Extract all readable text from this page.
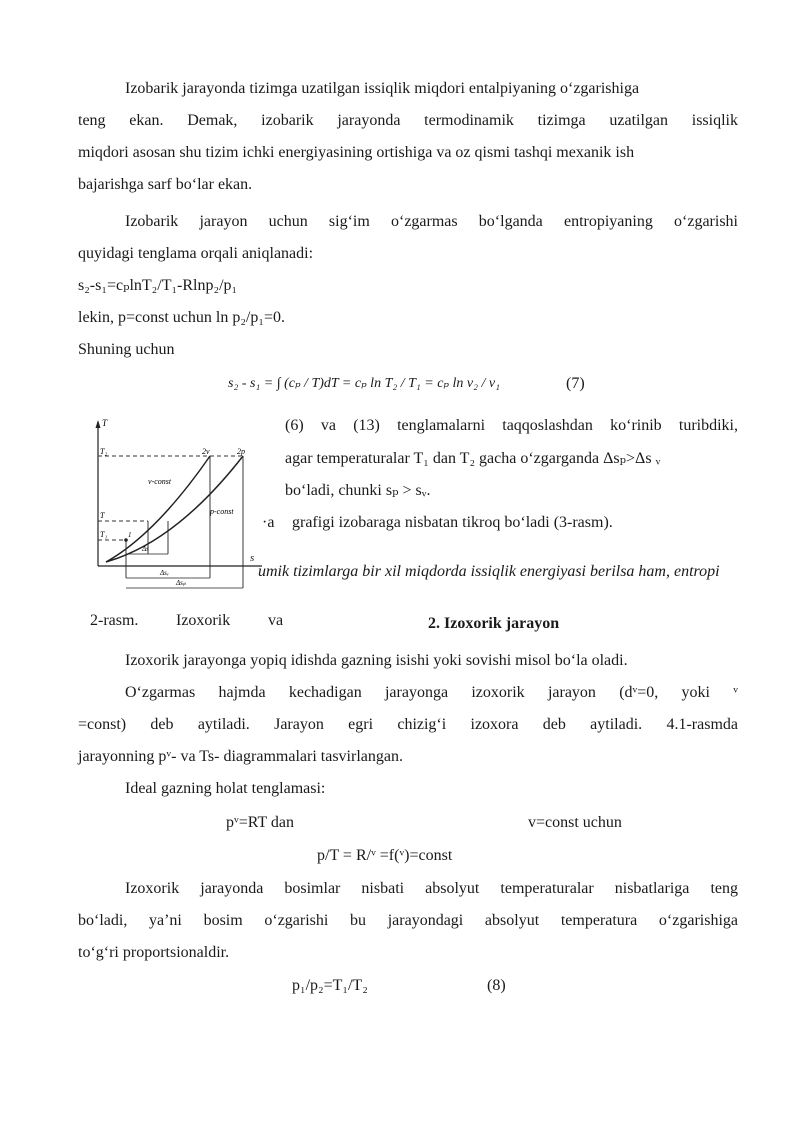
Izobarik jarayonda tizimga uzatilgan issiqlik miqdori entalpiyaning o‘zgarishiga
teng ekan. Demak, izobarik jarayonda termodinamik tizimga uzatilgan issiqlik
miqdori asosan shu tizim ichki energiyasining ortishiga va oz qismi tashqi mexanik ish
bajarishga sarf bo‘lar ekan.
Izobarik jarayon uchun sig‘im o‘zgarmas bo‘lganda entropiyaning o‘zgarishi
quyidagi tenglama orqali aniqlanadi:
s₂-s₁=cₚlnT₂/T₁-Rlnp₂/p₁
lekin, p=const uchun ln p₂/p₁=0.
Shuning uchun
s₂ - s₁ = ∫ (cₚ / T)dT = cₚ ln T₂ / T₁ = cₚ ln v₂ / v₁	(7)
T
T₂
T
T₁
2v	2p
v-const
p-const
1
Δs
Δsᵥ
Δsₚ
s
(6) va (13) tenglamalarni taqqoslashdan ko‘rinib turibdiki,
agar temperaturalar T₁ dan T₂ gacha o‘zgarganda Δsₚ>Δs ᵥ
bo‘ladi, chunki sₚ > sᵥ.
·a grafigi izobaraga nisbatan tikroq bo‘ladi (3-rasm).
umik tizimlarga bir xil miqdorda issiqlik energiyasi berilsa ham, entropi
2-rasm. Izoxorik va	2. Izoxorik jarayon
Izoxorik jarayonga yopiq idishda gazning isishi yoki sovishi misol bo‘la oladi.
O‘zgarmas hajmda kechadigan jarayonga izoxorik jarayon (dᵛ=0, yoki ᵛ
=const) deb aytiladi. Jarayon egri chizig‘i izoxora deb aytiladi. 4.1-rasmda
jarayonning pᵛ- va Ts- diagrammalari tasvirlangan.
Ideal gazning holat tenglamasi:
pᵛ=RT dan	v=const uchun
p/T = R/ᵛ =f(ᵛ)=const
Izoxorik jarayonda bosimlar nisbati absolyut temperaturalar nisbatlariga teng
bo‘ladi, ya’ni bosim o‘zgarishi bu jarayondagi absolyut temperatura o‘zgarishiga
to‘g‘ri proportsionaldir.
p₁/p₂=T₁/T₂	(8)
